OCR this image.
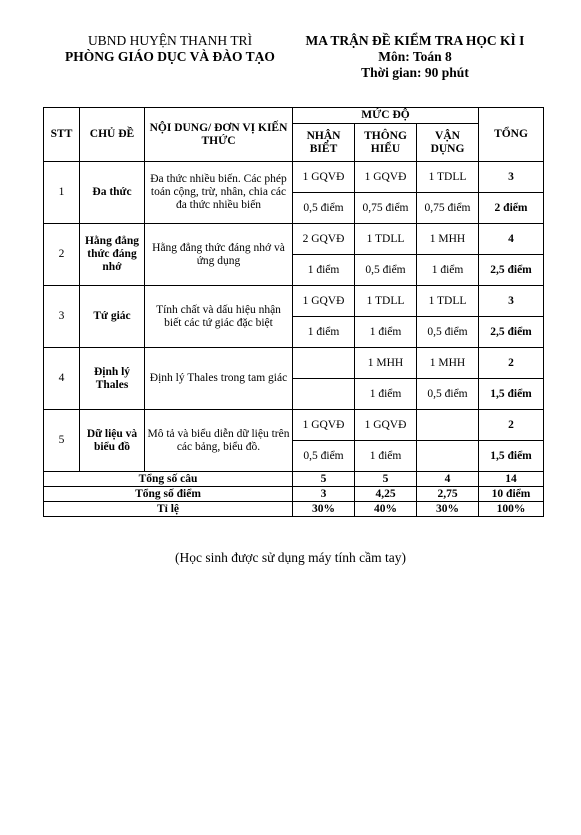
UBND HUYỆN THANH TRÌ
PHÒNG GIÁO DỤC VÀ ĐÀO TẠO
MA TRẬN ĐỀ KIỂM TRA HỌC KÌ I
Môn: Toán 8
Thời gian: 90 phút
STT	CHỦ ĐỀ	NỘI DUNG/ ĐƠN VỊ KIẾN THỨC	MỨC ĐỘ			TỔNG
			NHẬN BIẾT	THÔNG HIỂU	VẬN DỤNG	
1	Đa thức	Đa thức nhiều biến. Các phép toán cộng, trừ, nhân, chia các đa thức nhiều biến	1 GQVĐ	1 GQVĐ	1 TDLL	3
			0,5 điểm	0,75 điểm	0,75 điểm	2 điểm
2	Hằng đẳng thức đáng nhớ	Hằng đẳng thức đáng nhớ và ứng dụng	2 GQVĐ	1 TDLL	1 MHH	4
			1 điểm	0,5 điểm	1 điểm	2,5 điểm
3	Tứ giác	Tính chất và dấu hiệu nhận biết các tứ giác đặc biệt	1 GQVĐ	1 TDLL	1 TDLL	3
			1 điểm	1 điểm	0,5 điểm	2,5 điểm
4	Định lý Thales	Định lý Thales trong tam giác		1 MHH	1 MHH	2
				1 điểm	0,5 điểm	1,5 điểm
5	Dữ liệu và biểu đồ	Mô tả và biểu diễn dữ liệu trên các bảng, biểu đồ.	1 GQVĐ	1 GQVĐ		2
			0,5 điểm	1 điểm		1,5 điểm
Tổng số câu			5	5	4	14
Tổng số điểm			3	4,25	2,75	10 điểm
Tỉ lệ			30%	40%	30%	100%
(Học sinh được sử dụng máy tính cầm tay)
